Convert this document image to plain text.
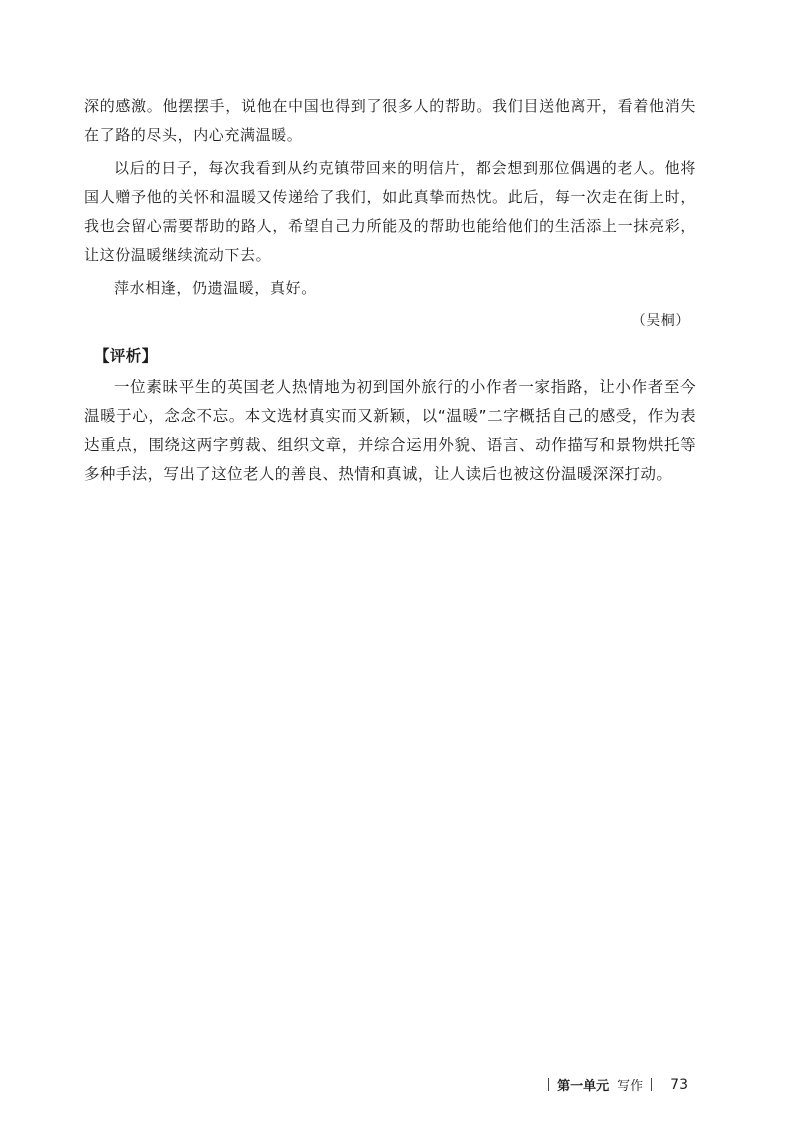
深的感激。他摆摆手，说他在中国也得到了很多人的帮助。我们目送他离开，看着他消失在了路的尽头，内心充满温暖。

以后的日子，每次我看到从约克镇带回来的明信片，都会想到那位偶遇的老人。他将国人赠予他的关怀和温暖又传递给了我们，如此真挚而热忱。此后，每一次走在街上时，我也会留心需要帮助的路人，希望自己力所能及的帮助也能给他们的生活添上一抹亮彩，让这份温暖继续流动下去。

萍水相逢，仍遗温暖，真好。

（吴桐）
【评析】

一位素昧平生的英国老人热情地为初到国外旅行的小作者一家指路，让小作者至今温暖于心，念念不忘。本文选材真实而又新颖，以“温暖”二字概括自己的感受，作为表达重点，围绕这两字剪裁、组织文章，并综合运用外貌、语言、动作描写和景物烘托等多种手法，写出了这位老人的善良、热情和真诚，让人读后也被这份温暖深深打动。

第一单元 写作 73
